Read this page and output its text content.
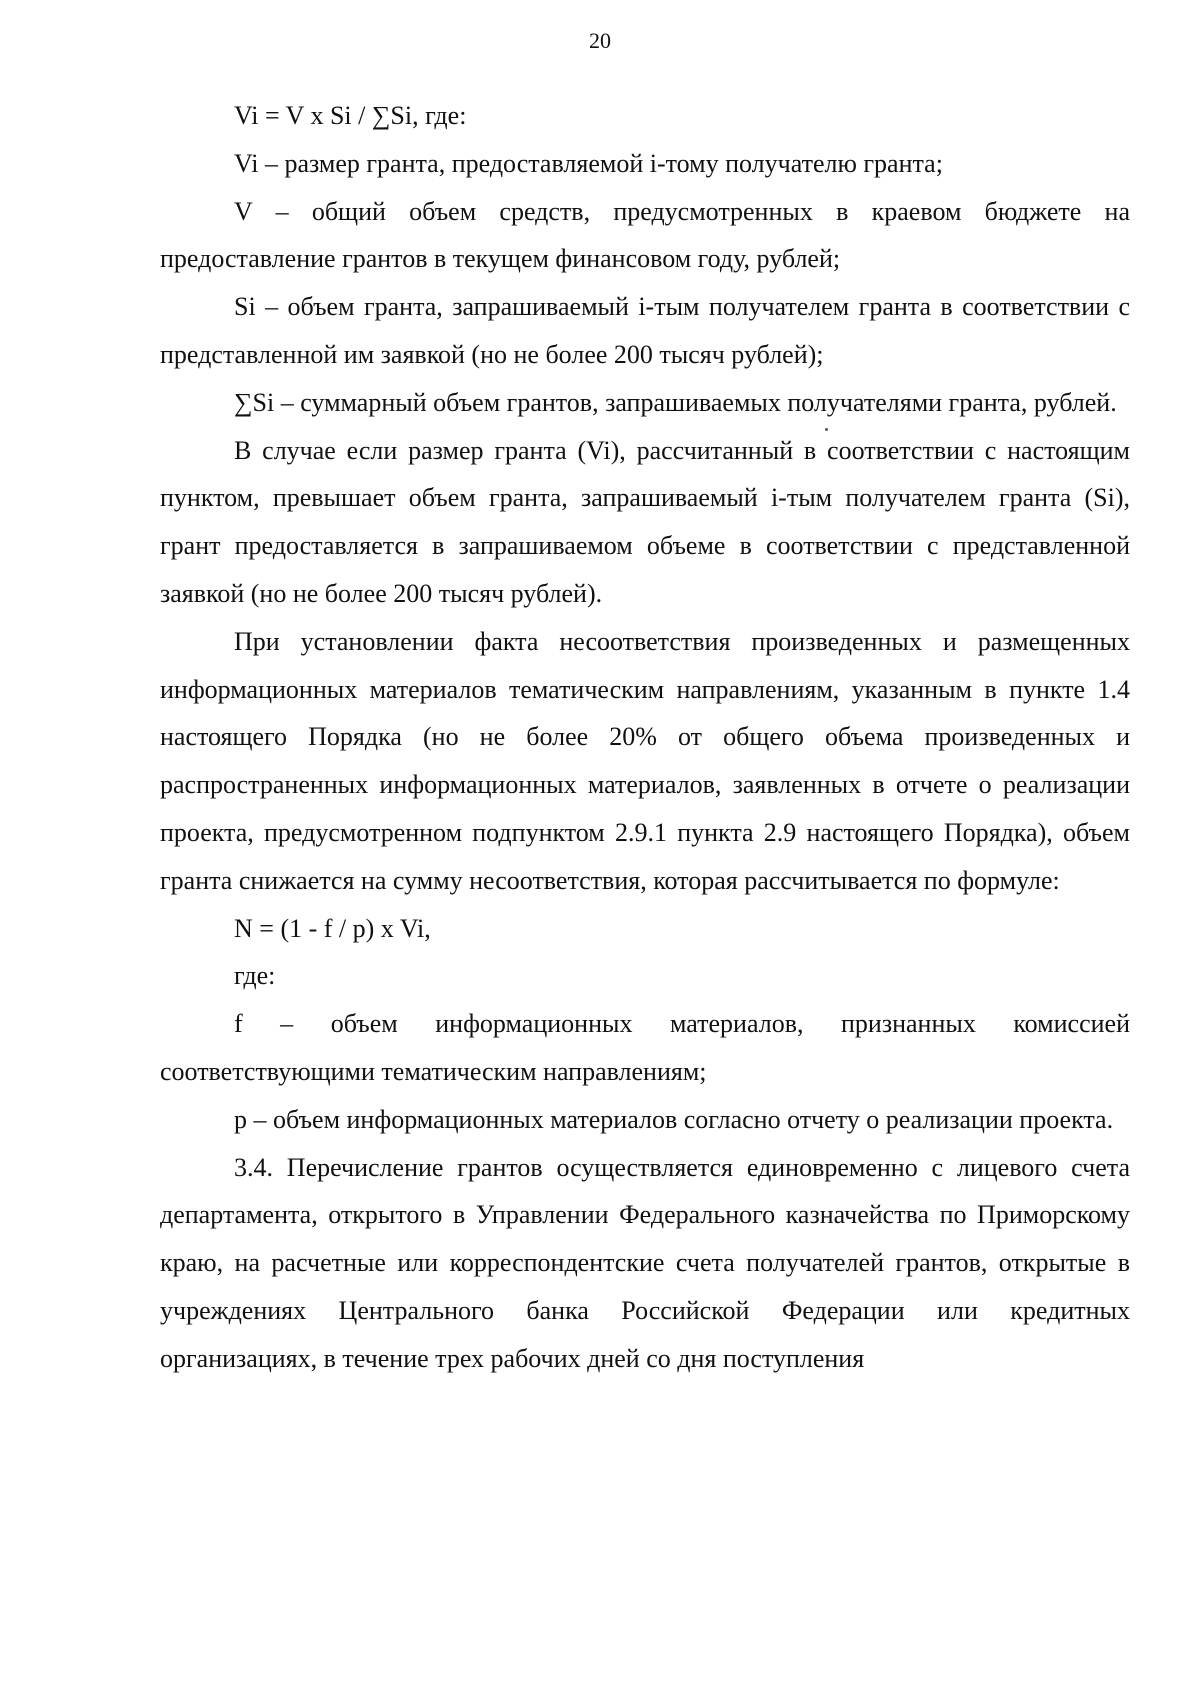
20

Vi = V x Si / ∑Si, где:

Vi – размер гранта, предоставляемой i-тому получателю гранта;

V – общий объем средств, предусмотренных в краевом бюджете на предоставление грантов в текущем финансовом году, рублей;

Si – объем гранта, запрашиваемый i-тым получателем гранта в соответствии с представленной им заявкой (но не более 200 тысяч рублей);

∑Si – суммарный объем грантов, запрашиваемых получателями гранта, рублей.

В случае если размер гранта (Vi), рассчитанный в соответствии с настоящим пунктом, превышает объем гранта, запрашиваемый i-тым получателем гранта (Si), грант предоставляется в запрашиваемом объеме в соответствии с представленной заявкой (но не более 200 тысяч рублей).

При установлении факта несоответствия произведенных и размещенных информационных материалов тематическим направлениям, указанным в пункте 1.4 настоящего Порядка (но не более 20% от общего объема произведенных и распространенных информационных материалов, заявленных в отчете о реализации проекта, предусмотренном подпунктом 2.9.1 пункта 2.9 настоящего Порядка), объем гранта снижается на сумму несоответствия, которая рассчитывается по формуле:

N = (1 - f / p) x Vi,

где:

f – объем информационных материалов, признанных комиссией соответствующими тематическим направлениям;

p – объем информационных материалов согласно отчету о реализации проекта.

3.4. Перечисление грантов осуществляется единовременно с лицевого счета департамента, открытого в Управлении Федерального казначейства по Приморскому краю, на расчетные или корреспондентские счета получателей грантов, открытые в учреждениях Центрального банка Российской Федерации или кредитных организациях, в течение трех рабочих дней со дня поступления
